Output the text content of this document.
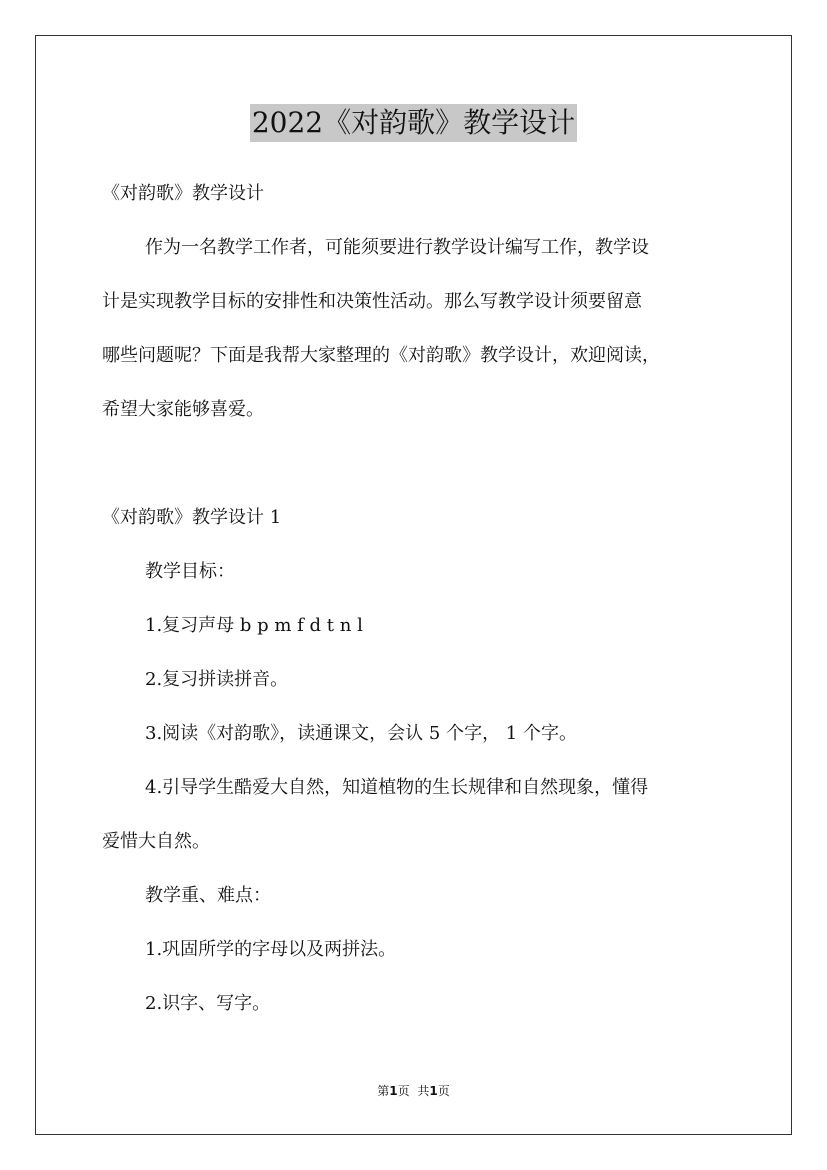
2022《对韵歌》教学设计
《对韵歌》教学设计
作为一名教学工作者，可能须要进行教学设计编写工作，教学设
计是实现教学目标的安排性和决策性活动。那么写教学设计须要留意
哪些问题呢？下面是我帮大家整理的《对韵歌》教学设计，欢迎阅读，
希望大家能够喜爱。
《对韵歌》教学设计 1
教学目标：
1.复习声母 b p m f d t n l
2.复习拼读拼音。
3.阅读《对韵歌》，读通课文，会认 5 个字， 1 个字。
4.引导学生酷爱大自然，知道植物的生长规律和自然现象，懂得
爱惜大自然。
教学重、难点：
1.巩固所学的字母以及两拼法。
2.识字、写字。
第1页 共1页
